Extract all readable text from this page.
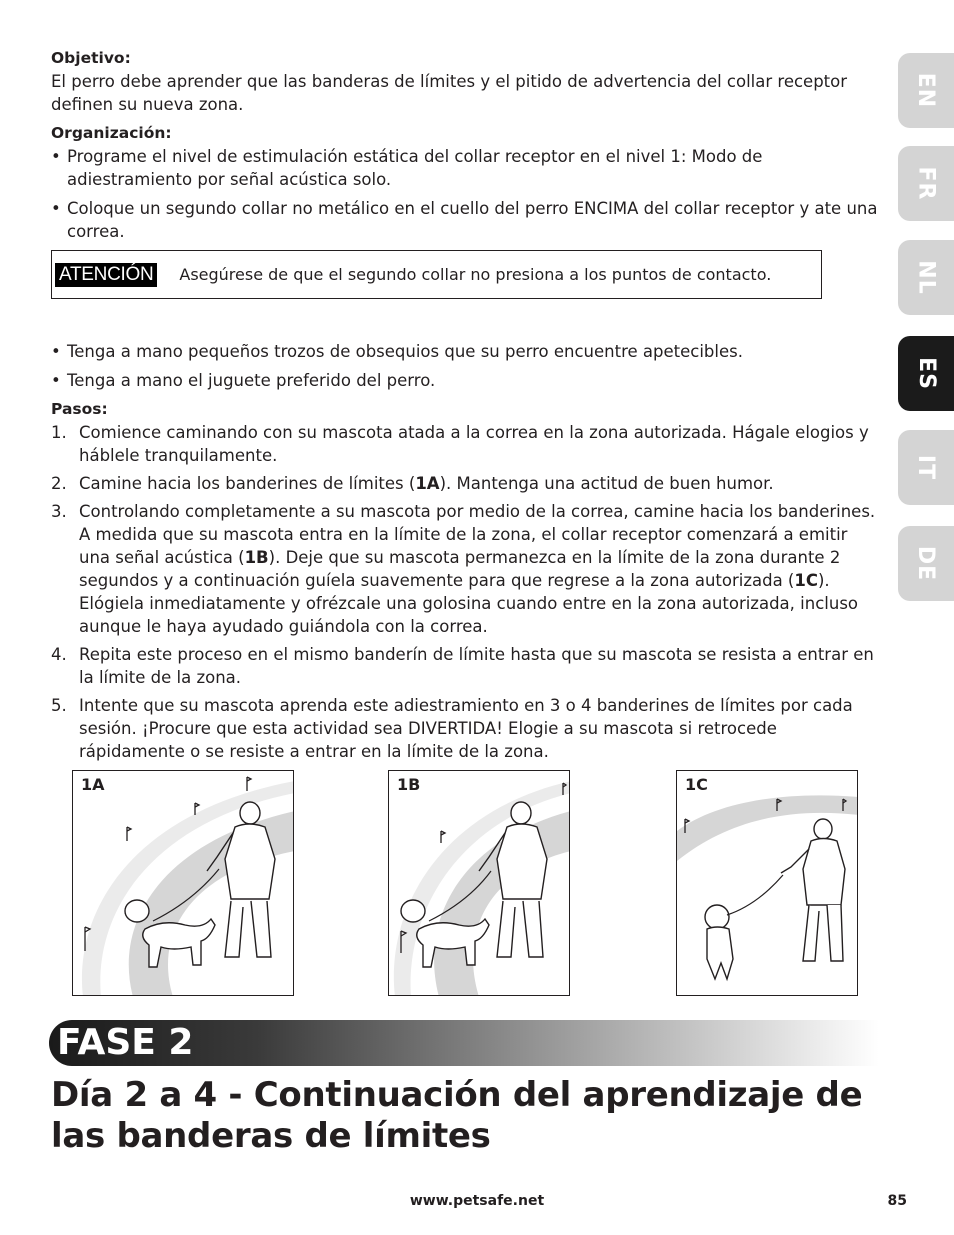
Objetivo:

El perro debe aprender que las banderas de límites y el pitido de advertencia del collar receptor

definen su nueva zona.

Organización:
• Programe el nivel de estimulación estática del collar receptor en el nivel 1: Modo de adiestramiento por señal acústica solo.
• Coloque un segundo collar no metálico en el cuello del perro ENCIMA del collar receptor y ate una correa.
• Tenga a mano pequeños trozos de obsequios que su perro encuentre apetecibles.
• Tenga a mano el juguete preferido del perro.
Pasos:
1. Comience caminando con su mascota atada a la correa en la zona autorizada. Hágale elogios y háblele tranquilamente.
2. Camine hacia los banderines de límites (1A). Mantenga una actitud de buen humor.
3. Controlando completamente a su mascota por medio de la correa, camine hacia los banderines. A medida que su mascota entra en la límite de la zona, el collar receptor comenzará a emitir una señal acústica (1B). Deje que su mascota permanezca en la límite de la zona durante 2 segundos y a continuación guíela suavemente para que regrese a la zona autorizada (1C). Elógiela inmediatamente y ofrézcale una golosina cuando entre en la zona autorizada, incluso aunque le haya ayudado guiándola con la correa.
4. Repita este proceso en el mismo banderín de límite hasta que su mascota se resista a entrar en la límite de la zona.
5. Intente que su mascota aprenda este adiestramiento en 3 o 4 banderines de límites por cada sesión. ¡Procure que esta actividad sea DIVERTIDA! Elogie a su mascota si retrocede rápidamente o se resiste a entrar en la límite de la zona.
ATENCIÓN Asegúrese de que el segundo collar no presiona a los puntos de contacto.
1A	1B	1C
FASE 2
Día 2 a 4 - Continuación del aprendizaje de
las banderas de límites
www.petsafe.net	85
EN
FR
NL
ES
IT
DE
